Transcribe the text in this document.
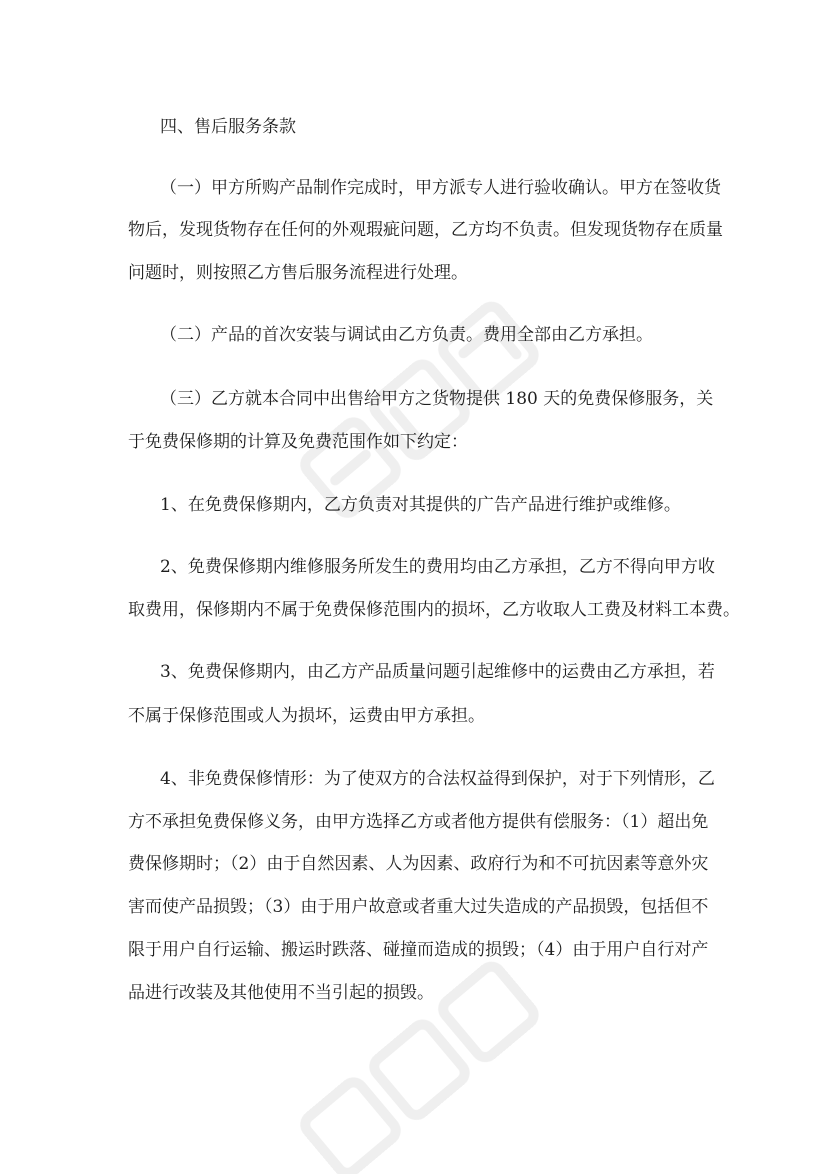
四、售后服务条款

（一）甲方所购产品制作完成时，甲方派专人进行验收确认。甲方在签收货

物后，发现货物存在任何的外观瑕疵问题，乙方均不负责。但发现货物存在质量

问题时，则按照乙方售后服务流程进行处理。

（二）产品的首次安装与调试由乙方负责。费用全部由乙方承担。

（三）乙方就本合同中出售给甲方之货物提供 180 天的免费保修服务，关

于免费保修期的计算及免费范围作如下约定：

1、在免费保修期内，乙方负责对其提供的广告产品进行维护或维修。

2、免费保修期内维修服务所发生的费用均由乙方承担，乙方不得向甲方收

取费用，保修期内不属于免费保修范围内的损坏，乙方收取人工费及材料工本费。

3、免费保修期内，由乙方产品质量问题引起维修中的运费由乙方承担，若

不属于保修范围或人为损坏，运费由甲方承担。

4、非免费保修情形：为了使双方的合法权益得到保护，对于下列情形，乙

方不承担免费保修义务，由甲方选择乙方或者他方提供有偿服务：（1）超出免

费保修期时；（2）由于自然因素、人为因素、政府行为和不可抗因素等意外灾

害而使产品损毁；（3）由于用户故意或者重大过失造成的产品损毁，包括但不

限于用户自行运输、搬运时跌落、碰撞而造成的损毁；（4）由于用户自行对产

品进行改装及其他使用不当引起的损毁。
